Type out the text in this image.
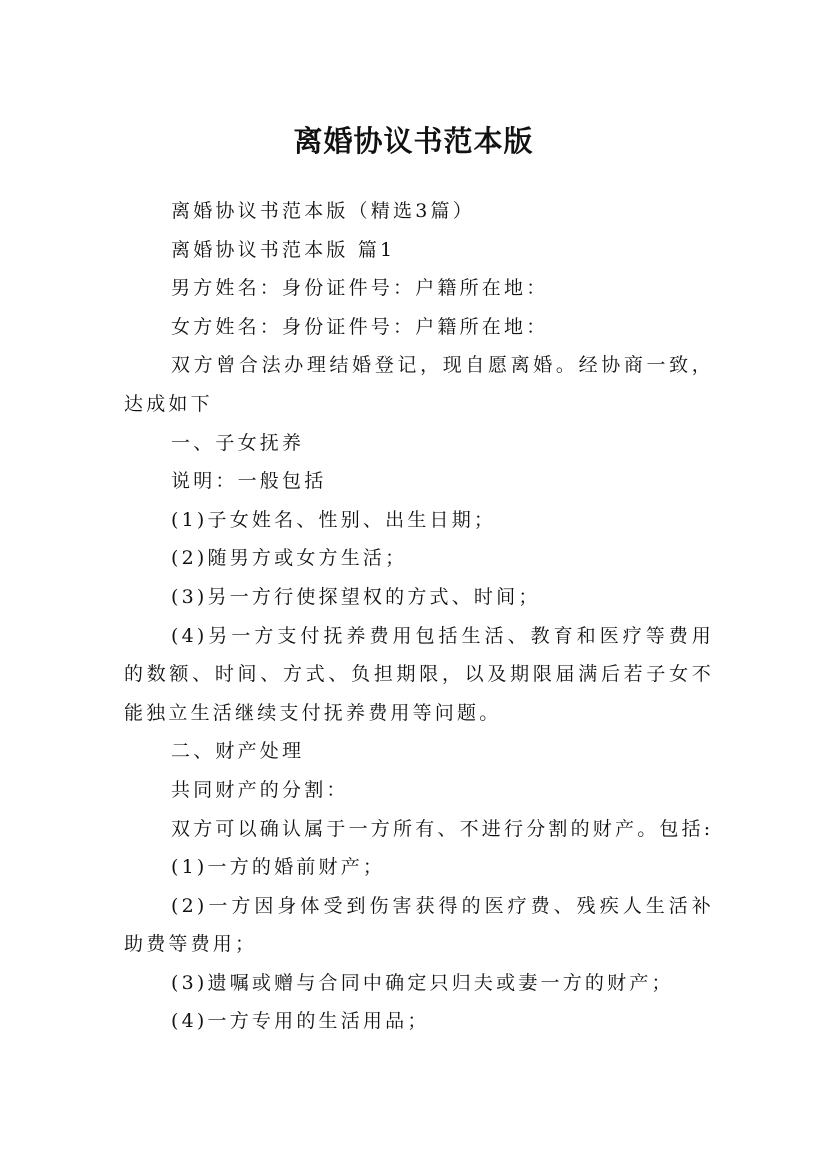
离婚协议书范本版

离婚协议书范本版（精选3篇）

离婚协议书范本版 篇1

男方姓名：身份证件号：户籍所在地：

女方姓名：身份证件号：户籍所在地：

双方曾合法办理结婚登记，现自愿离婚。经协商一致，达成如下

一、子女抚养

说明：一般包括

(1)子女姓名、性别、出生日期；

(2)随男方或女方生活；

(3)另一方行使探望权的方式、时间；

(4)另一方支付抚养费用包括生活、教育和医疗等费用的数额、时间、方式、负担期限，以及期限届满后若子女不能独立生活继续支付抚养费用等问题。

二、财产处理

共同财产的分割：

双方可以确认属于一方所有、不进行分割的财产。包括:

(1)一方的婚前财产；

(2)一方因身体受到伤害获得的医疗费、残疾人生活补助费等费用；

(3)遗嘱或赠与合同中确定只归夫或妻一方的财产；

(4)一方专用的生活用品；
